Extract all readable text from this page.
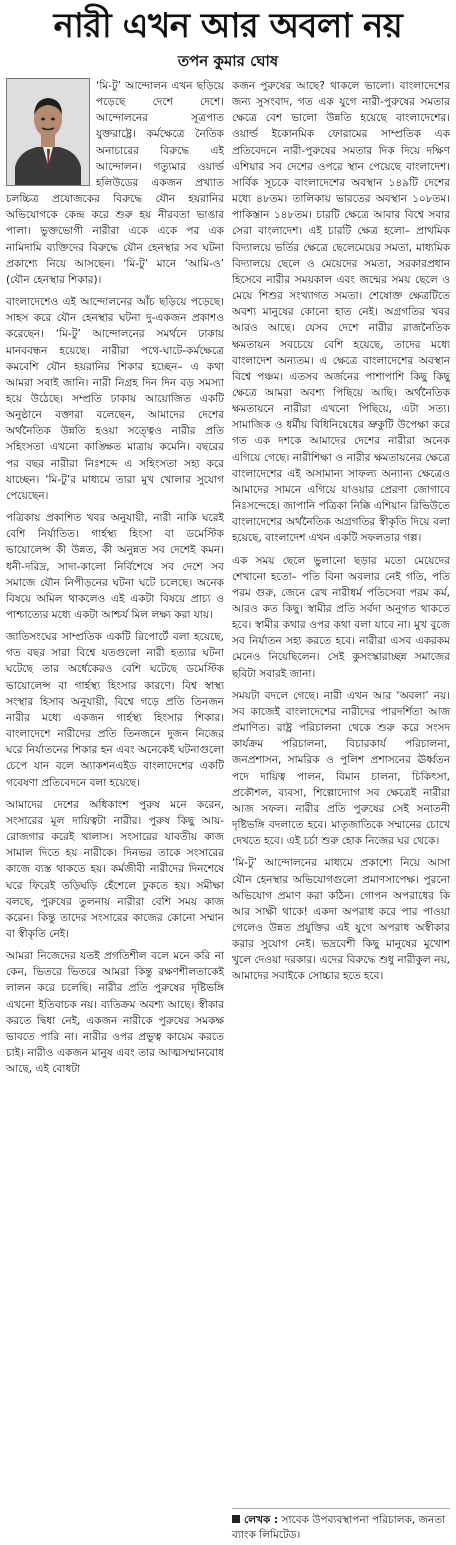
নারী এখন আর অবলা নয়
তপন কুমার ঘোষ

‘মি-টু’ আন্দোলন এখন ছড়িয়ে পড়েছে দেশে দেশে। আন্দোলনের সূত্রপাত যুক্তরাষ্ট্রে। কর্মক্ষেত্রে নৈতিক অনাচারের বিরুদ্ধে এই আন্দোলন। গত্যুমার ওয়ার্ল্ড হলিউডের একজন প্রখ্যাত চলচ্চিত্র প্রযোজকের বিরুদ্ধে যৌন হয়রানির অভিযোগকে কেন্দ্র করে শুরু হয় নীরবতা ভাঙার পালা। ভুক্তভোগী নারীরা একে একে পর এক নামিদামি ব্যক্তিদের বিরুদ্ধে যৌন হেনস্থার সব ঘটনা প্রকাশ্যে নিয়ে আসছেন। ‘মি-টু’ মানে ‘আমি-ও’ (যৌন হেনস্থার শিকার)।

বাংলাদেশেও এই আন্দোলনের আঁচ ছড়িয়ে পড়েছে। সাহস করে যৌন হেনস্থার ঘটনা দু-একজন প্রকাশও করেছেন। ‘মি-টু’ আন্দোলনের সমর্থনে ঢাকায় মানববন্ধন হয়েছে। নারীরা পথে-ঘাটে-কর্মক্ষেত্রে কমবেশি যৌন হয়রানির শিকার হচ্ছেন– এ কথা আমরা সবাই জানি। নারী নিগ্রহ দিন দিন বড় সমস্যা হয়ে উঠেছে। সম্প্রতি ঢাকায় আয়োজিত একটি অনুষ্ঠানে বক্তারা বলেছেন, আমাদের দেশের অর্থনৈতিক উন্নতি হওয়া সত্ত্বেও নারীর প্রতি সহিংসতা এখনো কাঙ্ক্ষিত মাত্রায় কমেনি। বছরের পর বছর নারীরা নিঃশব্দে এ সহিংসতা সহ্য করে যাচ্ছেন। ‘মি-টু’র মাধ্যমে তারা মুখ খোলার সুযোগ পেয়েছেন।

পত্রিকায় প্রকাশিত খবর অনুযায়ী, নারী নাকি ঘরেই বেশি নির্যাতিত। গার্হস্থ্য হিংসা বা ডমেস্টিক ভায়োলেন্স কী উন্নত, কী অনুন্নত সব দেশেই কমন। ধনী-দরিদ্র, সাদা-কালো নির্বিশেষে সব দেশে সব সমাজে যৌন নিপীড়নের ঘটনা ঘটে চলেছে। অনেক বিষয়ে অমিল থাকলেও এই একটা বিষয়ে প্রাচ্য ও পাশ্চাত্যের মধ্যে একটা আশ্চর্য মিল লক্ষ্য করা যায়।

জাতিসংঘের সাম্প্রতিক একটি রিপোর্টে বলা হয়েছে, গত বছর সারা বিশ্বে যতগুলো নারী হত্যার ঘটনা ঘটেছে তার অর্ধেকেরও বেশি ঘটেছে ডমেস্টিক ভায়োলেন্স বা গার্হস্থ্য হিংসার কারণে। বিশ্ব স্বাস্থ্য সংস্থার হিসাব অনুযায়ী, বিশ্বে গড়ে প্রতি তিনজন নারীর মধ্যে একজন গার্হস্থ্য হিংসার শিকার। বাংলাদেশে নারীদের প্রতি তিনজনে দুজন নিজের ঘরে নির্যাতনের শিকার হন এবং অনেকেই ঘটনাগুলো চেপে যান বলে অ্যাকশনএইড বাংলাদেশের একটি গবেষণা প্রতিবেদনে বলা হয়েছে।

আমাদের দেশের অধিকাংশ পুরুষ মনে করেন, সংসারের মূল দায়িত্বটা নারীর। পুরুষ কিছু আয়-রোজগার করেই খালাস। সংসারের যাবতীয় কাজ সামাল দিতে হয় নারীকে। দিনভর তাকে সংসারের কাজে ব্যস্ত থাকতে হয়। কর্মজীবী নারীদের দিনশেষে ঘরে ফিরেই তড়িঘড়ি হেঁশেলে ঢুকতে হয়। সমীক্ষা বলছে, পুরুষের তুলনায় নারীরা বেশি সময় কাজ করেন। কিন্তু তাদের সংসারের কাজের কোনো সম্মান বা স্বীকৃতি নেই।

আমরা নিজেদের যতই প্রগতিশীল বলে মনে করি না কেন, ভিতরে ভিতরে আমরা কিন্তু রক্ষণশীলতাকেই লালন করে চলেছি। নারীর প্রতি পুরুষের দৃষ্টিভঙ্গি এখনো ইতিবাচক নয়। ব্যতিক্রম অবশ্য আছে। স্বীকার করতে দ্বিধা নেই, একজন নারীকে পুরুষের সমকক্ষ ভাবতে পারি না। নারীর ওপর প্রভুত্ব কায়েম করতে চাই। নারীও একজন মানুষ এবং তার আত্মসম্মানবোধ আছে, এই বোধটা

কজন পুরুষের আছে? থাকলে ভালো। বাংলাদেশের জন্য সুসংবাদ, গত এক যুগে নারী-পুরুষের সমতার ক্ষেত্রে বেশ ভালো উন্নতি হয়েছে বাংলাদেশের। ওয়ার্ল্ড ইকোনমিক ফোরামের সাম্প্রতিক এক প্রতিবেদনে নারী-পুরুষের সমতার দিক দিয়ে দক্ষিণ এশিয়ার সব দেশের ওপরে স্থান পেয়েছে বাংলাদেশ। সার্বিক সূচকে বাংলাদেশের অবস্থান ১৪৯টি দেশের মধ্যে ৪৮তম। তালিকায় ভারতের অবস্থান ১০৮তম। পাকিস্তান ১৪৮তম। চারটি ক্ষেত্রে আবার বিশ্বে সবার সেরা বাংলাদেশ। এই চারটি ক্ষেত্র হলো– প্রাথমিক বিদ্যালয়ে ভর্তির ক্ষেত্রে ছেলেমেয়ের সমতা, মাধ্যমিক বিদ্যালয়ে ছেলে ও মেয়েদের সমতা, সরকারপ্রধান হিসেবে নারীর সময়কাল এবং জন্মের সময় ছেলে ও মেয়ে শিশুর সংখ্যাগত সমতা। শেষোক্ত ক্ষেত্রটিতে অবশ্য মানুষের কোনো হাত নেই। অগ্রগতির খবর আরও আছে। যেসব দেশে নারীর রাজনৈতিক ক্ষমতায়ন সবচেয়ে বেশি হয়েছে, তাদের মধ্যে বাংলাদেশ অন্যতম। এ ক্ষেত্রে বাংলাদেশের অবস্থান বিশ্বে পঞ্চম। এতসব অর্জনের পাশাপাশি কিছু কিছু ক্ষেত্রে আমরা অবশ্য পিছিয়ে আছি। অর্থনৈতিক ক্ষমতায়নে নারীরা এখনো পিছিয়ে, এটা সত্য। সামাজিক ও ধর্মীয় বিধিনিষেধের ভ্রুকুটি উপেক্ষা করে গত এক দশকে আমাদের দেশের নারীরা অনেক এগিয়ে গেছে। নারীশিক্ষা ও নারীর ক্ষমতায়নের ক্ষেত্রে বাংলাদেশের এই অসামান্য সাফল্য অন্যান্য ক্ষেত্রেও আমাদের সামনে এগিয়ে যাওয়ার প্রেরণা জোগাবে নিঃসন্দেহে। জাপানি পত্রিকা নিক্কি এশিয়ান রিভিউতে বাংলাদেশের অর্থনৈতিক অগ্রগতির স্বীকৃতি দিয়ে বলা হয়েছে, বাংলাদেশ এখন একটি সফলতার গল্প।

এক সময় ছেলে ভুলানো ছড়ার মতো মেয়েদের শেখানো হতো– পতি বিনা অবলার নেই গতি, পতি পরম গুরু, জেনে রেখ নারীধর্ম পতিসেবা পরম কর্ম, আরও কত কিছু। স্বামীর প্রতি সর্বদা অনুগত থাকতে হবে। স্বামীর কথার ওপর কথা বলা যাবে না। মুখ বুজে সব নির্যাতন সহ্য করতে হবে। নারীরা এসব একরকম মেনেও নিয়েছিলেন। সেই কুসংস্কারাচ্ছন্ন সমাজের ছবিটা সবারই জানা।

সময়টা বদলে গেছে। নারী এখন আর ‘অবলা’ নয়। সব কাজেই বাংলাদেশের নারীদের পারদর্শিতা আজ প্রমাণিত। রাষ্ট্র পরিচালনা থেকে শুরু করে সংসদ কার্যক্রম পরিচালনা, বিচারকার্য পরিচালনা, জনপ্রশাসন, সামরিক ও পুলিশ প্রশাসনের ঊর্ধ্বতন পদে দায়িত্ব পালন, বিমান চালনা, চিকিৎসা, প্রকৌশল, ব্যবসা, শিল্পোদ্যোগ সব ক্ষেত্রেই নারীরা আজ সফল। নারীর প্রতি পুরুষের সেই সনাতনী দৃষ্টিভঙ্গি বদলাতে হবে। মাতৃজাতিকে সম্মানের চোখে দেখতে হবে। এই চর্চা শুরু হোক নিজের ঘর থেকে।

‘মি-টু’ আন্দোলনের মাধ্যমে প্রকাশ্যে নিয়ে আসা যৌন হেনস্থার অভিযোগগুলো প্রমাণসাপেক্ষ। পুরনো অভিযোগ প্রমাণ করা কঠিন। গোপন অপরাধের কি আর সাক্ষী থাকে! একদা অপরাধ করে পার পাওয়া গেলেও উন্নত প্রযুক্তির এই যুগে অপরাধ অস্বীকার করার সুযোগ নেই। ভদ্রবেশী কিছু মানুষের মুখোশ খুলে দেওয়া দরকার। এদের বিরুদ্ধে শুধু নারীকুল নয়, আমাদের সবাইকে সোচ্চার হতে হবে।

লেখক : সাবেক উপব্যবস্থাপনা পরিচালক, জনতা ব্যাংক লিমিটেড।
